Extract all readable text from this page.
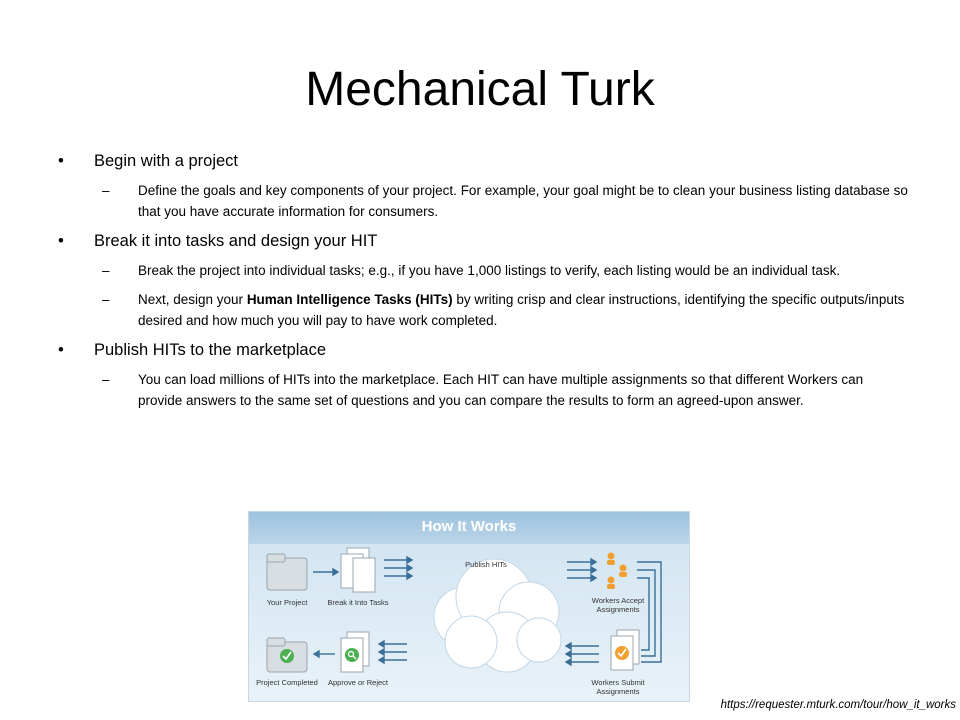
Mechanical Turk
• Begin with a project
– Define the goals and key components of your project. For example, your goal might be to clean your business listing database so that you have accurate information for consumers.
• Break it into tasks and design your HIT
– Break the project into individual tasks; e.g., if you have 1,000 listings to verify, each listing would be an individual task.
– Next, design your Human Intelligence Tasks (HITs) by writing crisp and clear instructions, identifying the specific outputs/inputs desired and how much you will pay to have work completed.
• Publish HITs to the marketplace
– You can load millions of HITs into the marketplace. Each HIT can have multiple assignments so that different Workers can provide answers to the same set of questions and you can compare the results to form an agreed-upon answer.
How It Works
Your Project	Break it Into Tasks
Publish HITs
Workers Accept Assignments
Project Completed	Approve or Reject	Workers Submit Assignments
https://requester.mturk.com/tour/how_it_works
